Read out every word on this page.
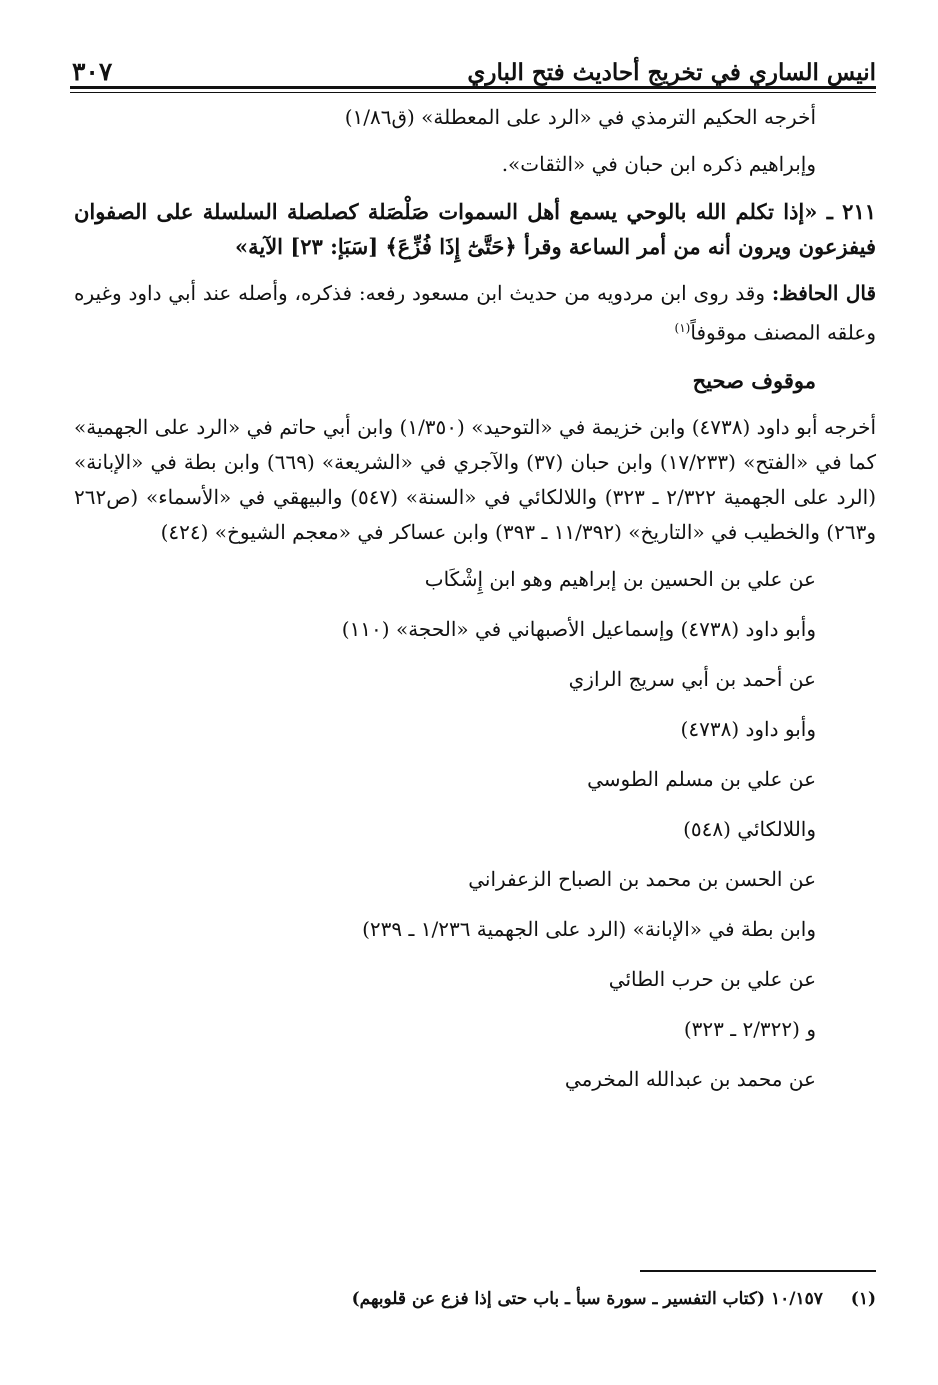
انيس الساري في تخريج أحاديث فتح الباري
٣٠٧

أخرجه الحكيم الترمذي في «الرد على المعطلة» (ق١/٨٦)

وإبراهيم ذكره ابن حبان في «الثقات».

٢١١ ـ «إذا تكلم الله بالوحي يسمع أهل السموات صَلْصَلة كصلصلة السلسلة على الصفوان فيفزعون ويرون أنه من أمر الساعة وقرأ ﴿حَتَّىٰٓ إِذَا فُزِّعَ﴾ [سَبَإ: ٢٣] الآية»

قال الحافظ: وقد روى ابن مردويه من حديث ابن مسعود رفعه: فذكره، وأصله عند أبي داود وغيره وعلقه المصنف موقوفاً$^{(١)}$

موقوف صحيح

أخرجه أبو داود (٤٧٣٨) وابن خزيمة في «التوحيد» (١/٣٥٠) وابن أبي حاتم في «الرد على الجهمية» كما في «الفتح» (١٧/٢٣٣) وابن حبان (٣٧) والآجري في «الشريعة» (٦٦٩) وابن بطة في «الإبانة» (الرد على الجهمية ٢/٣٢٢ ـ ٣٢٣) واللالكائي في «السنة» (٥٤٧) والبيهقي في «الأسماء» (ص٢٦٢ و٢٦٣) والخطيب في «التاريخ» (١١/٣٩٢ ـ ٣٩٣) وابن عساكر في «معجم الشيوخ» (٤٢٤)

عن علي بن الحسين بن إبراهيم وهو ابن إِشْكَاب

وأبو داود (٤٧٣٨) وإسماعيل الأصبهاني في «الحجة» (١١٠)

عن أحمد بن أبي سريج الرازي

وأبو داود (٤٧٣٨)

عن علي بن مسلم الطوسي

واللالكائي (٥٤٨)

عن الحسن بن محمد بن الصباح الزعفراني

وابن بطة في «الإبانة» (الرد على الجهمية ١/٢٣٦ ـ ٢٣٩)

عن علي بن حرب الطائي

و (٢/٣٢٢ ـ ٣٢٣)

عن محمد بن عبدالله المخرمي

(١) ١٠/١٥٧ (كتاب التفسير ـ سورة سبأ ـ باب حتى إذا فزع عن قلوبهم)
